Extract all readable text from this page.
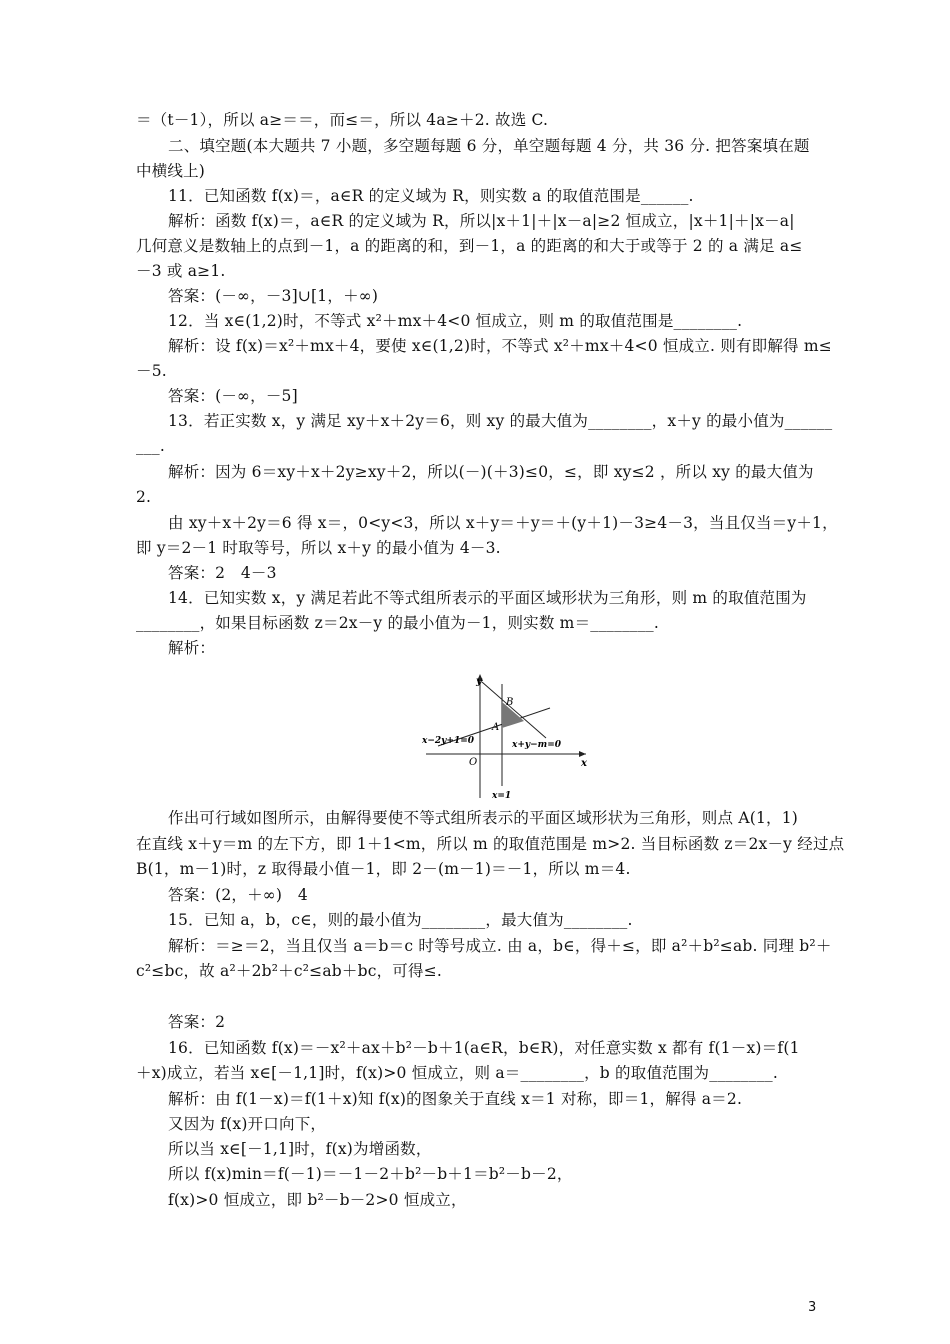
＝（t－1），所以 a≥＝＝，而≤＝，所以 4a≥＋2. 故选 C.
二、填空题(本大题共 7 小题，多空题每题 6 分，单空题每题 4 分，共 36 分. 把答案填在题
中横线上)
11．已知函数 f(x)＝，a∈R 的定义域为 R，则实数 a 的取值范围是______.
解析：函数 f(x)＝，a∈R 的定义域为 R，所以|x＋1|＋|x－a|≥2 恒成立，|x＋1|＋|x－a|
几何意义是数轴上的点到－1，a 的距离的和，到－1，a 的距离的和大于或等于 2 的 a 满足 a≤
－3 或 a≥1.
答案：(－∞，－3]∪[1，＋∞)
12．当 x∈(1,2)时，不等式 x²＋mx＋4<0 恒成立，则 m 的取值范围是________.
解析：设 f(x)＝x²＋mx＋4，要使 x∈(1,2)时，不等式 x²＋mx＋4<0 恒成立. 则有即解得 m≤
－5.
答案：(－∞，－5]
13．若正实数 x，y 满足 xy＋x＋2y＝6，则 xy 的最大值为________，x＋y 的最小值为______
___.
解析：因为 6＝xy＋x＋2y≥xy＋2，所以(－)(＋3)≤0，≤，即 xy≤2 ，所以 xy 的最大值为
2.
由 xy＋x＋2y＝6 得 x＝，0<y<3，所以 x＋y＝＋y＝＋(y＋1)－3≥4－3，当且仅当＝y＋1，
即 y＝2－1 时取等号，所以 x＋y 的最小值为 4－3.
答案：2　4－3
14．已知实数 x，y 满足若此不等式组所表示的平面区域形状为三角形，则 m 的取值范围为
________，如果目标函数 z＝2x－y 的最小值为－1，则实数 m＝________.
解析：
作出可行域如图所示，由解得要使不等式组所表示的平面区域形状为三角形，则点 A(1，1)
在直线 x＋y＝m 的左下方，即 1＋1<m，所以 m 的取值范围是 m>2. 当目标函数 z＝2x－y 经过点
B(1，m－1)时，z 取得最小值－1，即 2－(m－1)＝－1，所以 m＝4.
答案：(2，＋∞)　4
15．已知 a，b，c∈，则的最小值为________，最大值为________.
解析：＝≥＝2，当且仅当 a＝b＝c 时等号成立. 由 a，b∈，得＋≤，即 a²＋b²≤ab. 同理 b²＋
c²≤bc，故 a²＋2b²＋c²≤ab＋bc，可得≤.
答案：2
16．已知函数 f(x)＝－x²＋ax＋b²－b＋1(a∈R，b∈R)，对任意实数 x 都有 f(1－x)＝f(1
＋x)成立，若当 x∈[－1,1]时，f(x)>0 恒成立，则 a＝________，b 的取值范围为________.
解析：由 f(1－x)＝f(1＋x)知 f(x)的图象关于直线 x＝1 对称，即＝1，解得 a＝2.
又因为 f(x)开口向下，
所以当 x∈[－1,1]时，f(x)为增函数，
所以 f(x)min＝f(－1)＝－1－2＋b²－b＋1＝b²－b－2，
f(x)>0 恒成立，即 b²－b－2>0 恒成立，
y
x
O
A
B
x−2y+1=0	x+y−m=0
x=1
3
